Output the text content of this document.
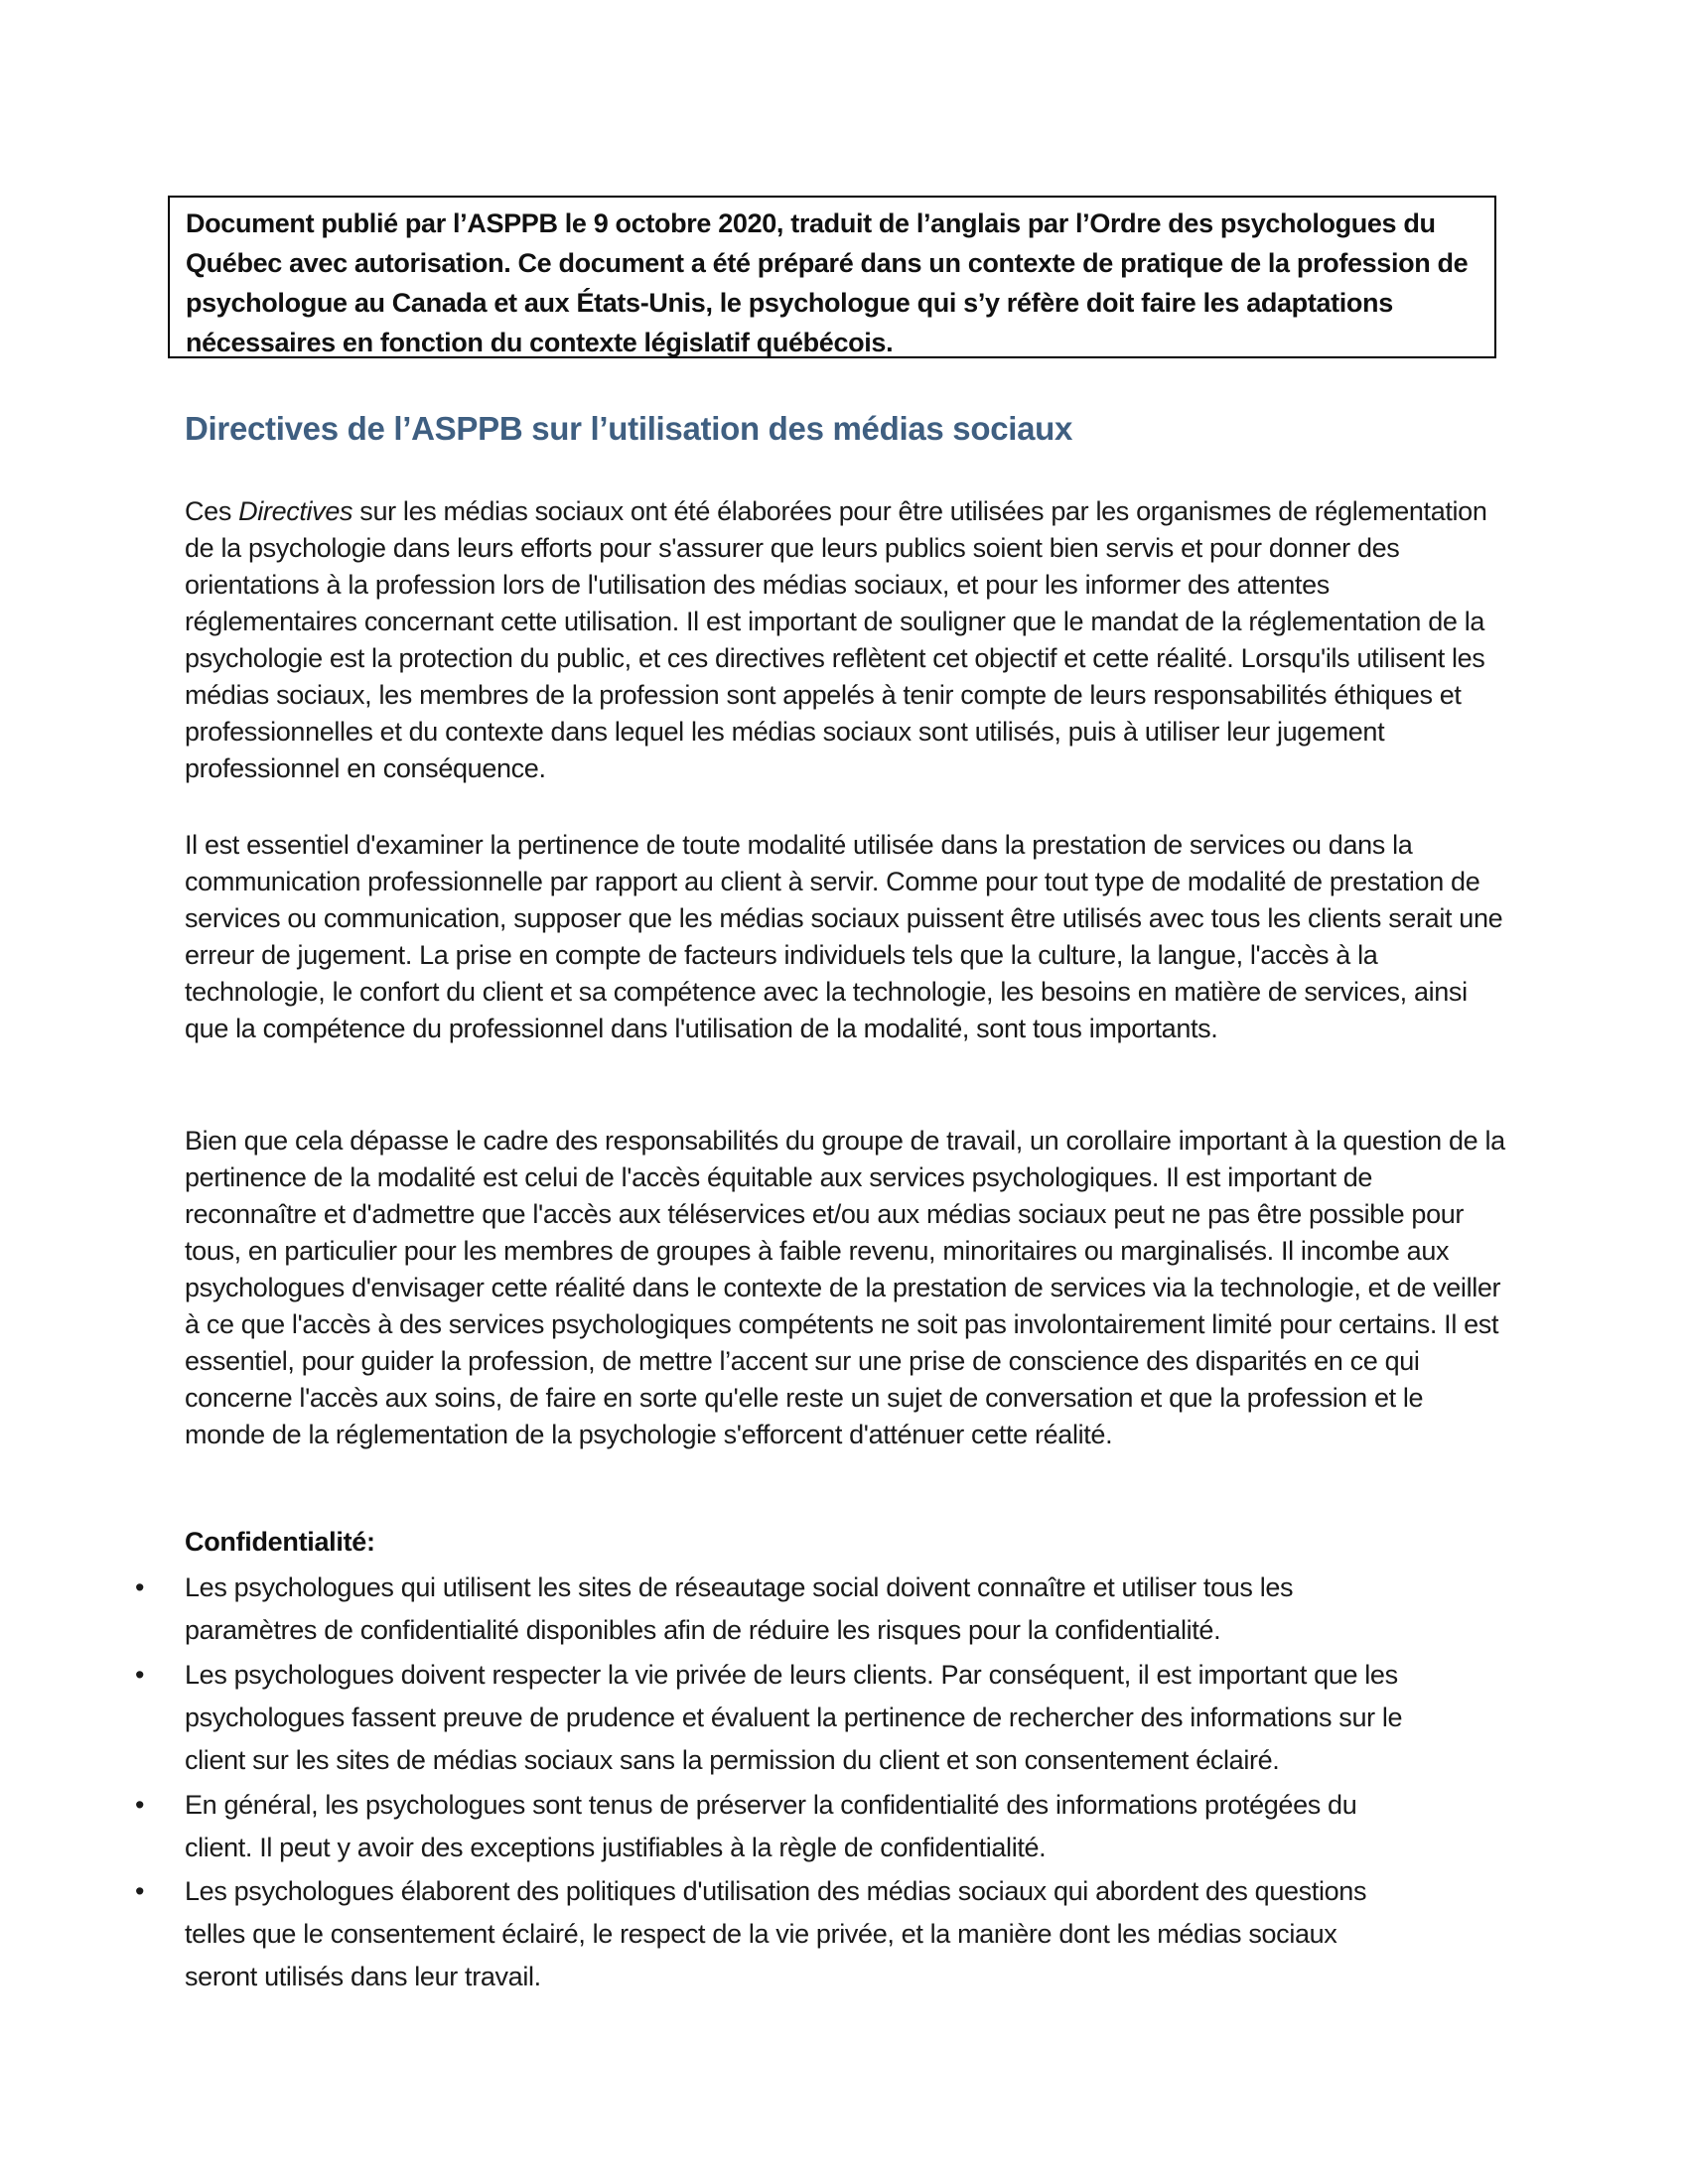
Document publié par l’ASPPB le 9 octobre 2020, traduit de l’anglais par l’Ordre des psychologues du Québec avec autorisation. Ce document a été préparé dans un contexte de pratique de la profession de psychologue au Canada et aux États-Unis, le psychologue qui s’y réfère doit faire les adaptations nécessaires en fonction du contexte législatif québécois.

Directives de l’ASPPB sur l’utilisation des médias sociaux

Ces Directives sur les médias sociaux ont été élaborées pour être utilisées par les organismes de réglementation de la psychologie dans leurs efforts pour s'assurer que leurs publics soient bien servis et pour donner des orientations à la profession lors de l'utilisation des médias sociaux, et pour les informer des attentes réglementaires concernant cette utilisation. Il est important de souligner que le mandat de la réglementation de la psychologie est la protection du public, et ces directives reflètent cet objectif et cette réalité. Lorsqu'ils utilisent les médias sociaux, les membres de la profession sont appelés à tenir compte de leurs responsabilités éthiques et professionnelles et du contexte dans lequel les médias sociaux sont utilisés, puis à utiliser leur jugement professionnel en conséquence.

Il est essentiel d'examiner la pertinence de toute modalité utilisée dans la prestation de services ou dans la communication professionnelle par rapport au client à servir. Comme pour tout type de modalité de prestation de services ou communication, supposer que les médias sociaux puissent être utilisés avec tous les clients serait une erreur de jugement. La prise en compte de facteurs individuels tels que la culture, la langue, l'accès à la technologie, le confort du client et sa compétence avec la technologie, les besoins en matière de services, ainsi que la compétence du professionnel dans l'utilisation de la modalité, sont tous importants.

Bien que cela dépasse le cadre des responsabilités du groupe de travail, un corollaire important à la question de la pertinence de la modalité est celui de l'accès équitable aux services psychologiques. Il est important de reconnaître et d'admettre que l'accès aux téléservices et/ou aux médias sociaux peut ne pas être possible pour tous, en particulier pour les membres de groupes à faible revenu, minoritaires ou marginalisés. Il incombe aux psychologues d'envisager cette réalité dans le contexte de la prestation de services via la technologie, et de veiller à ce que l'accès à des services psychologiques compétents ne soit pas involontairement limité pour certains. Il est essentiel, pour guider la profession, de mettre l’accent sur une prise de conscience des disparités en ce qui concerne l'accès aux soins, de faire en sorte qu'elle reste un sujet de conversation et que la profession et le monde de la réglementation de la psychologie s'efforcent d'atténuer cette réalité.

Confidentialité:
• Les psychologues qui utilisent les sites de réseautage social doivent connaître et utiliser tous les paramètres de confidentialité disponibles afin de réduire les risques pour la confidentialité.
• Les psychologues doivent respecter la vie privée de leurs clients. Par conséquent, il est important que les psychologues fassent preuve de prudence et évaluent la pertinence de rechercher des informations sur le client sur les sites de médias sociaux sans la permission du client et son consentement éclairé.
• En général, les psychologues sont tenus de préserver la confidentialité des informations protégées du client. Il peut y avoir des exceptions justifiables à la règle de confidentialité.
• Les psychologues élaborent des politiques d'utilisation des médias sociaux qui abordent des questions telles que le consentement éclairé, le respect de la vie privée, et la manière dont les médias sociaux seront utilisés dans leur travail.
